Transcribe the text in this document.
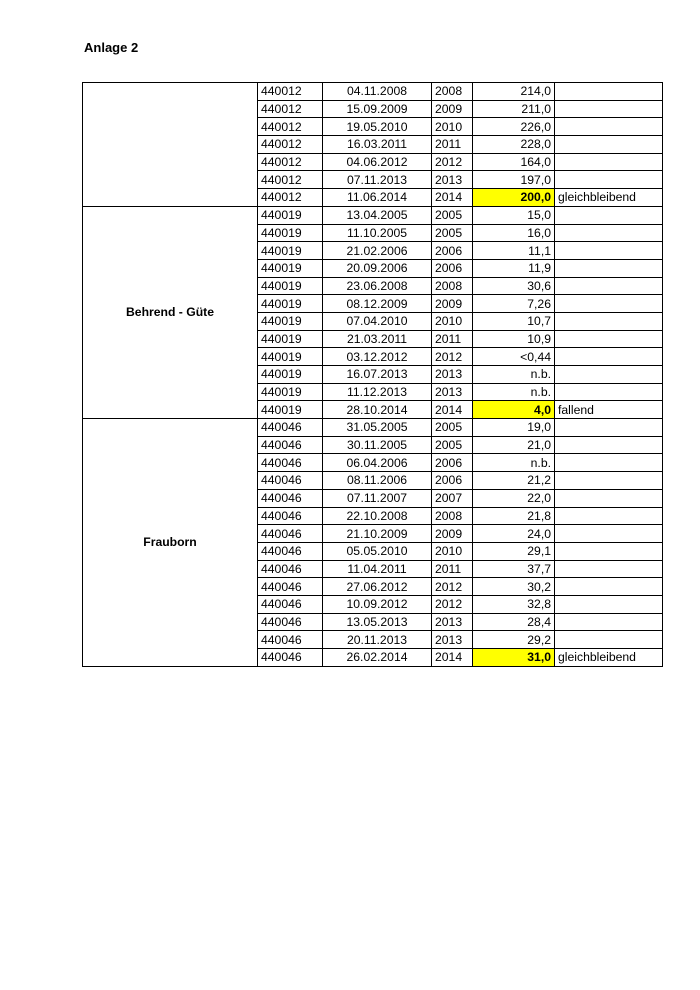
Anlage 2
	440012	04.11.2008	2008	214,0	
	440012	15.09.2009	2009	211,0	
	440012	19.05.2010	2010	226,0	
	440012	16.03.2011	2011	228,0	
	440012	04.06.2012	2012	164,0	
	440012	07.11.2013	2013	197,0	
	440012	11.06.2014	2014	200,0	gleichbleibend
Behrend - Güte	440019	13.04.2005	2005	15,0	
	440019	11.10.2005	2005	16,0	
	440019	21.02.2006	2006	11,1	
	440019	20.09.2006	2006	11,9	
	440019	23.06.2008	2008	30,6	
	440019	08.12.2009	2009	7,26	
	440019	07.04.2010	2010	10,7	
	440019	21.03.2011	2011	10,9	
	440019	03.12.2012	2012	<0,44	
	440019	16.07.2013	2013	n.b.	
	440019	11.12.2013	2013	n.b.	
	440019	28.10.2014	2014	4,0	fallend
Frauborn	440046	31.05.2005	2005	19,0	
	440046	30.11.2005	2005	21,0	
	440046	06.04.2006	2006	n.b.	
	440046	08.11.2006	2006	21,2	
	440046	07.11.2007	2007	22,0	
	440046	22.10.2008	2008	21,8	
	440046	21.10.2009	2009	24,0	
	440046	05.05.2010	2010	29,1	
	440046	11.04.2011	2011	37,7	
	440046	27.06.2012	2012	30,2	
	440046	10.09.2012	2012	32,8	
	440046	13.05.2013	2013	28,4	
	440046	20.11.2013	2013	29,2	
	440046	26.02.2014	2014	31,0	gleichbleibend
